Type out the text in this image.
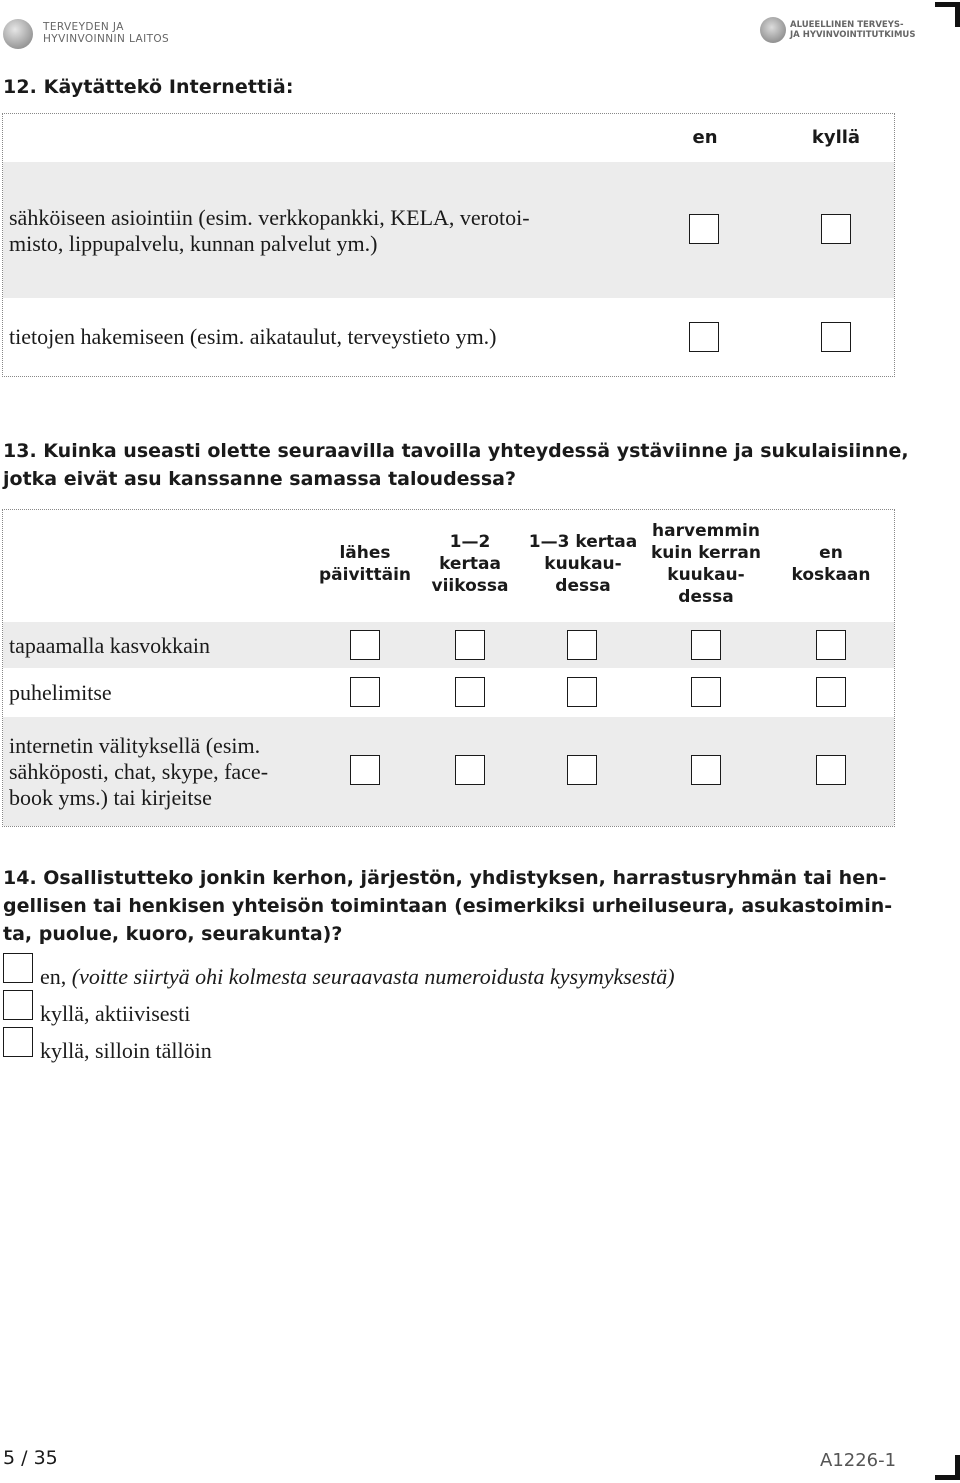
TERVEYDEN JA
HYVINVOINNIN LAITOS
ALUEELLINEN TERVEYS-
JA HYVINVOINTITUTKIMUS
12. Käytättekö Internettiä:
en	kyllä
sähköiseen asiointiin (esim. verkkopankki, KELA, verotoi-
misto, lippupalvelu, kunnan palvelut ym.)
tietojen hakemiseen (esim. aikataulut, terveystieto ym.)
13. Kuinka useasti olette seuraavilla tavoilla yhteydessä ystäviinne ja sukulaisiinne,
jotka eivät asu kanssanne samassa taloudessa?
lähes
päivittäin
1—2
kertaa
viikossa
1—3 kertaa
kuukau-
dessa
harvemmin
kuin kerran
kuukau-
dessa
en
koskaan
tapaamalla kasvokkain
puhelimitse
internetin välityksellä (esim.
sähköposti, chat, skype, face-
book yms.) tai kirjeitse
14. Osallistutteko jonkin kerhon, järjestön, yhdistyksen, harrastusryhmän tai hen-
gellisen tai henkisen yhteisön toimintaan (esimerkiksi urheiluseura, asukastoimin-
ta, puolue, kuoro, seurakunta)?
en, (voitte siirtyä ohi kolmesta seuraavasta numeroidusta kysymyksestä)
kyllä, aktiivisesti
kyllä, silloin tällöin
5 / 35	A1226-1
